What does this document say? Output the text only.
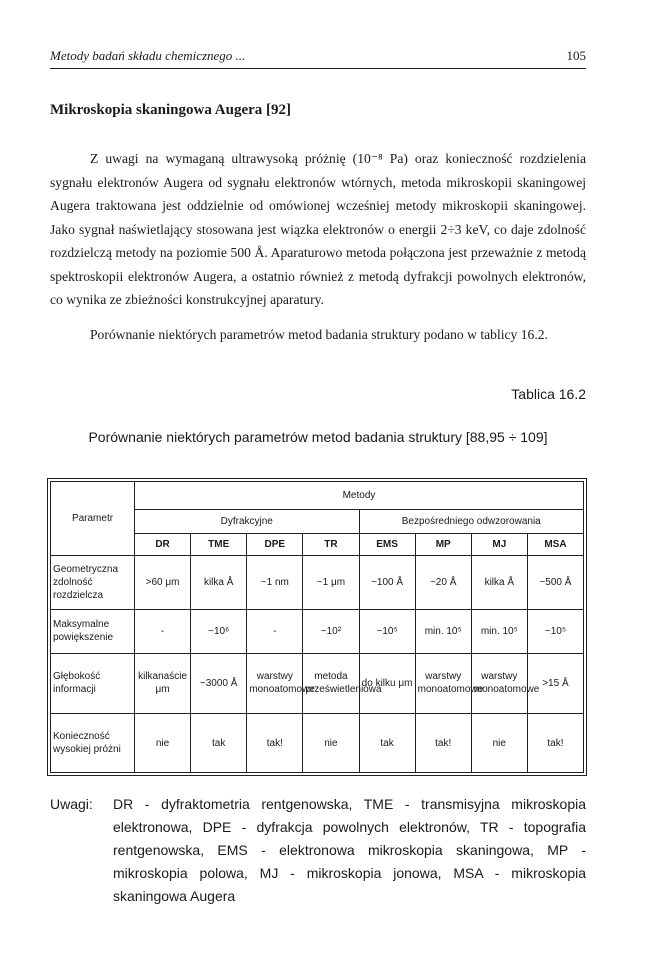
Metody badań składu chemicznego ...	105
Mikroskopia skaningowa Augera [92]

Z uwagi na wymaganą ultrawysoką próżnię (10⁻⁸ Pa) oraz konieczność rozdzielenia sygnału elektronów Augera od sygnału elektronów wtórnych, metoda mikroskopii skaningowej Augera traktowana jest oddzielnie od omówionej wcześniej metody mikroskopii skaningowej. Jako sygnał naświetlający stosowana jest wiązka elektronów o energii 2÷3 keV, co daje zdolność rozdzielczą metody na poziomie 500 Å. Aparaturowo metoda połączona jest przeważnie z metodą spektroskopii elektronów Augera, a ostatnio również z metodą dyfrakcji powolnych elektronów, co wynika ze zbieżności konstrukcyjnej aparatury.

Porównanie niektórych parametrów metod badania struktury podano w tablicy 16.2.

Tablica 16.2
Porównanie niektórych parametrów metod badania struktury [88,95 ÷ 109]
Parametr	Metody							
	Dyfrakcyjne				Bezpośredniego odwzorowania			
	DR	TME	DPE	TR	EMS	MP	MJ	MSA
Geometryczna zdolność rozdzielcza	>60 μm	kilka Å	~1 nm	~1 μm	~100 Å	~20 Å	kilka Å	~500 Å
Maksymalne powiększenie	-	~10⁶	-	~10²	~10⁵	min. 10⁵	min. 10⁵	~10⁵
Głębokość informacji	kilkanaście μm	~3000 Å	warstwy monoatomowe	metoda prześwietleniowa	do kilku μm	warstwy monoatomowe	warstwy monoatomowe	>15 Å
Konieczność wysokiej próżni	nie	tak	tak!	nie	tak	tak!	nie	tak!
Uwagi: DR - dyfraktometria rentgenowska, TME - transmisyjna mikroskopia elektronowa, DPE - dyfrakcja powolnych elektronów, TR - topografia rentgenowska, EMS - elektronowa mikroskopia skaningowa, MP - mikroskopia polowa, MJ - mikroskopia jonowa, MSA - mikroskopia skaningowa Augera
